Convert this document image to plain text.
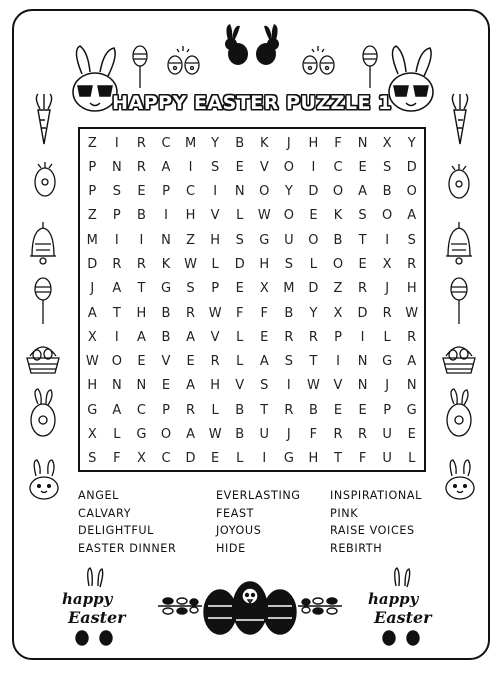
HAPPY EASTER PUZZLE 1
Z	I	R	C	M	Y	B	K	J	H	F	N	X	Y
P	N	R	A	I	S	E	V	O	I	C	E	S	D
P	S	E	P	C	I	N	O	Y	D	O	A	B	O
Z	P	B	I	H	V	L	W	O	E	K	S	O	A
M	I	I	N	Z	H	S	G	U	O	B	T	I	S
D	R	R	K	W	L	D	H	S	L	O	E	X	R
J	A	T	G	S	P	E	X	M	D	Z	R	J	H
A	T	H	B	R	W	F	F	B	Y	X	D	R	W
X	I	A	B	A	V	L	E	R	R	P	I	L	R
W	O	E	V	E	R	L	A	S	T	I	N	G	A
H	N	N	E	A	H	V	S	I	W	V	N	J	N
G	A	C	P	R	L	B	T	R	B	E	E	P	G
X	L	G	O	A	W	B	U	J	F	R	R	U	E
S	F	X	C	D	E	L	I	G	H	T	F	U	L
ANGEL
CALVARY
DELIGHTFUL
EASTER DINNER
EVERLASTING
FEAST
JOYOUS
HIDE
INSPIRATIONAL
PINK
RAISE VOICES
REBIRTH
happy
Easter
happy
Easter
